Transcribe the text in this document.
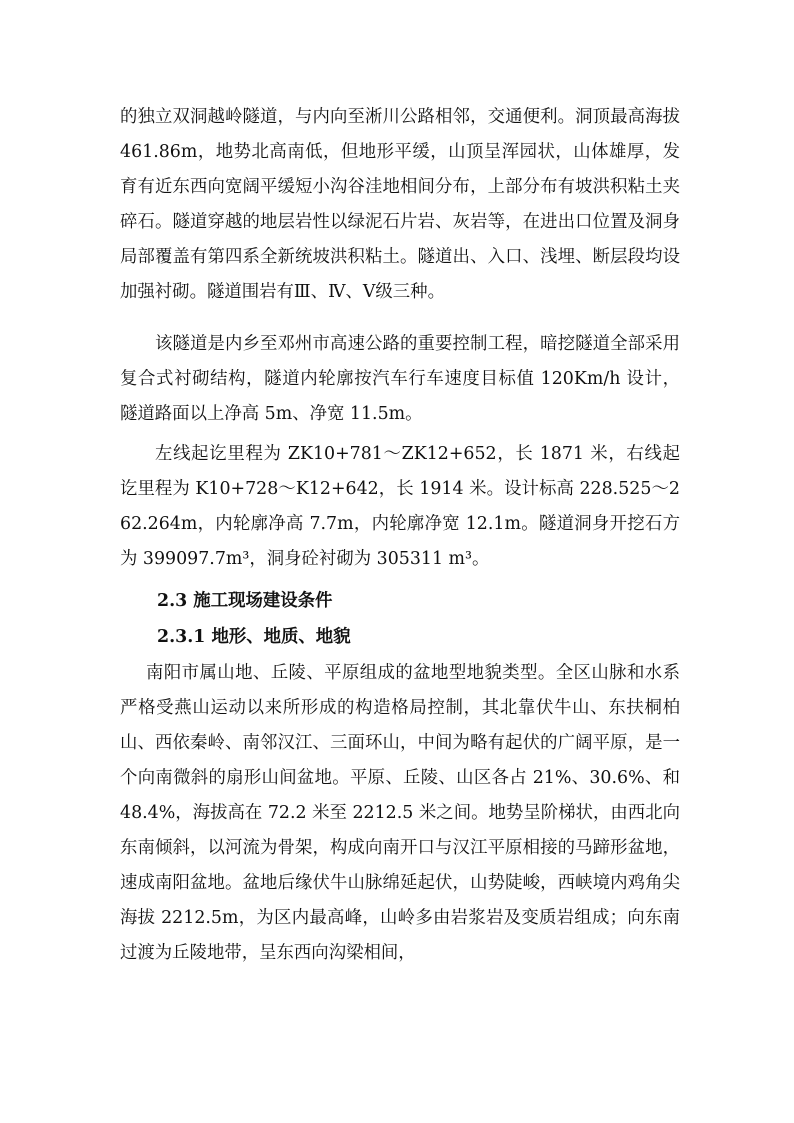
的独立双洞越岭隧道，与内向至淅川公路相邻，交通便利。洞顶最高海拔 461.86m，地势北高南低，但地形平缓，山顶呈浑园状，山体雄厚，发育有近东西向宽阔平缓短小沟谷洼地相间分布，上部分布有坡洪积粘土夹碎石。隧道穿越的地层岩性以绿泥石片岩、灰岩等，在进出口位置及洞身局部覆盖有第四系全新统坡洪积粘土。隧道出、入口、浅埋、断层段均设加强衬砌。隧道围岩有Ⅲ、Ⅳ、Ⅴ级三种。

该隧道是内乡至邓州市高速公路的重要控制工程，暗挖隧道全部采用复合式衬砌结构，隧道内轮廓按汽车行车速度目标值 120Km/h 设计，隧道路面以上净高 5m、净宽 11.5m。

左线起讫里程为 ZK10+781～ZK12+652，长 1871 米，右线起讫里程为 K10+728～K12+642，长 1914 米。设计标高 228.525～262.264m，内轮廓净高 7.7m，内轮廓净宽 12.1m。隧道洞身开挖石方为 399097.7m³，洞身砼衬砌为 305311 m³。

2.3 施工现场建设条件
2.3.1 地形、地质、地貌

南阳市属山地、丘陵、平原组成的盆地型地貌类型。全区山脉和水系严格受燕山运动以来所形成的构造格局控制，其北靠伏牛山、东扶桐柏山、西依秦岭、南邻汉江、三面环山，中间为略有起伏的广阔平原，是一个向南微斜的扇形山间盆地。平原、丘陵、山区各占 21%、30.6%、和 48.4%，海拔高在 72.2 米至 2212.5 米之间。地势呈阶梯状，由西北向东南倾斜，以河流为骨架，构成向南开口与汉江平原相接的马蹄形盆地，速成南阳盆地。盆地后缘伏牛山脉绵延起伏，山势陡峻，西峡境内鸡角尖海拔 2212.5m，为区内最高峰，山岭多由岩浆岩及变质岩组成；向东南过渡为丘陵地带，呈东西向沟梁相间，
